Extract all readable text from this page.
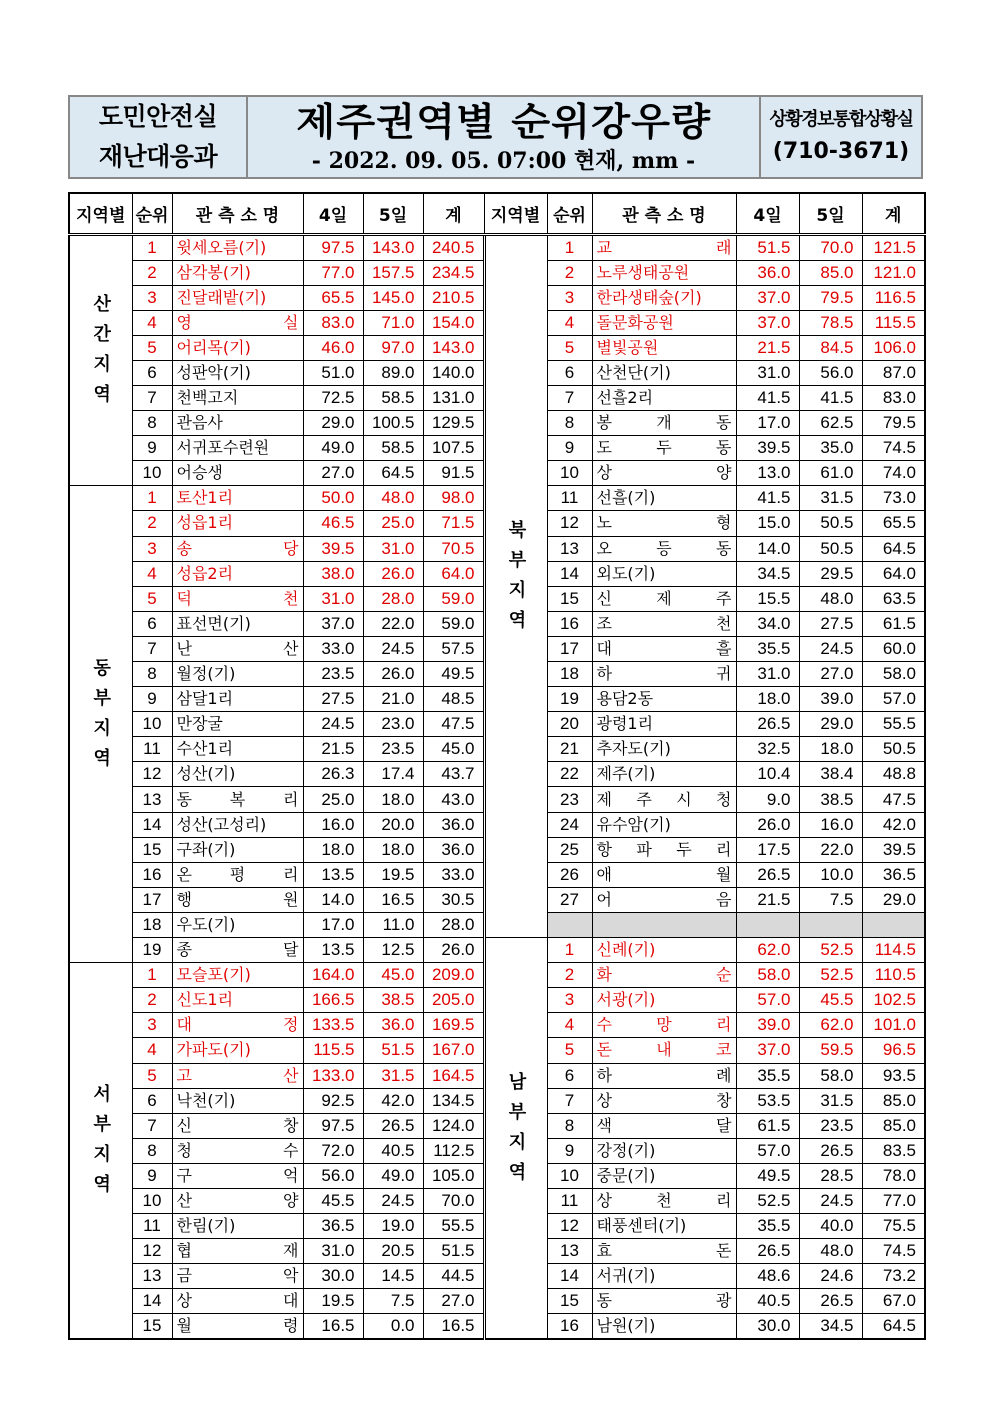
도민안전실
재난대응과
제주권역별 순위강우량
- 2022. 09. 05. 07:00 현재, mm -
상황경보통합상황실
(710-3671)
지역별	순위	관 측 소 명	4일	5일	계	지역별	순위	관 측 소 명	4일	5일	계
산간지역	1	윗세오름(기)	97.5	143.0	240.5	북부지역	1	교 래	51.5	70.0	121.5
	2	삼각봉(기)	77.0	157.5	234.5		2	노루생태공원	36.0	85.0	121.0
	3	진달래밭(기)	65.5	145.0	210.5		3	한라생태숲(기)	37.0	79.5	116.5
	4	영 실	83.0	71.0	154.0		4	돌문화공원	37.0	78.5	115.5
	5	어리목(기)	46.0	97.0	143.0		5	별빛공원	21.5	84.5	106.0
	6	성판악(기)	51.0	89.0	140.0		6	산천단(기)	31.0	56.0	87.0
	7	천백고지	72.5	58.5	131.0		7	선흘2리	41.5	41.5	83.0
	8	관음사	29.0	100.5	129.5		8	봉 개 동	17.0	62.5	79.5
	9	서귀포수련원	49.0	58.5	107.5		9	도 두 동	39.5	35.0	74.5
	10	어승생	27.0	64.5	91.5		10	상 양	13.0	61.0	74.0
동부지역	1	토산1리	50.0	48.0	98.0		11	선흘(기)	41.5	31.5	73.0
	2	성읍1리	46.5	25.0	71.5		12	노 형	15.0	50.5	65.5
	3	송 당	39.5	31.0	70.5		13	오 등 동	14.0	50.5	64.5
	4	성읍2리	38.0	26.0	64.0		14	외도(기)	34.5	29.5	64.0
	5	덕 천	31.0	28.0	59.0		15	신 제 주	15.5	48.0	63.5
	6	표선면(기)	37.0	22.0	59.0		16	조 천	34.0	27.5	61.5
	7	난 산	33.0	24.5	57.5		17	대 흘	35.5	24.5	60.0
	8	월정(기)	23.5	26.0	49.5		18	하 귀	31.0	27.0	58.0
	9	삼달1리	27.5	21.0	48.5		19	용담2동	18.0	39.0	57.0
	10	만장굴	24.5	23.0	47.5		20	광령1리	26.5	29.0	55.5
	11	수산1리	21.5	23.5	45.0		21	추자도(기)	32.5	18.0	50.5
	12	성산(기)	26.3	17.4	43.7		22	제주(기)	10.4	38.4	48.8
	13	동 복 리	25.0	18.0	43.0		23	제 주 시 청	9.0	38.5	47.5
	14	성산(고성리)	16.0	20.0	36.0		24	유수암(기)	26.0	16.0	42.0
	15	구좌(기)	18.0	18.0	36.0		25	항 파 두 리	17.5	22.0	39.5
	16	온 평 리	13.5	19.5	33.0		26	애 월	26.5	10.0	36.5
	17	행 원	14.0	16.5	30.5		27	어 음	21.5	7.5	29.0
	18	우도(기)	17.0	11.0	28.0						
	19	종 달	13.5	12.5	26.0	남부지역	1	신례(기)	62.0	52.5	114.5
서부지역	1	모슬포(기)	164.0	45.0	209.0		2	화 순	58.0	52.5	110.5
	2	신도1리	166.5	38.5	205.0		3	서광(기)	57.0	45.5	102.5
	3	대 정	133.5	36.0	169.5		4	수 망 리	39.0	62.0	101.0
	4	가파도(기)	115.5	51.5	167.0		5	돈 내 코	37.0	59.5	96.5
	5	고 산	133.0	31.5	164.5		6	하 례	35.5	58.0	93.5
	6	낙천(기)	92.5	42.0	134.5		7	상 창	53.5	31.5	85.0
	7	신 창	97.5	26.5	124.0		8	색 달	61.5	23.5	85.0
	8	청 수	72.0	40.5	112.5		9	강정(기)	57.0	26.5	83.5
	9	구 억	56.0	49.0	105.0		10	중문(기)	49.5	28.5	78.0
	10	산 양	45.5	24.5	70.0		11	상 천 리	52.5	24.5	77.0
	11	한림(기)	36.5	19.0	55.5		12	태풍센터(기)	35.5	40.0	75.5
	12	협 재	31.0	20.5	51.5		13	효 돈	26.5	48.0	74.5
	13	금 악	30.0	14.5	44.5		14	서귀(기)	48.6	24.6	73.2
	14	상 대	19.5	7.5	27.0		15	동 광	40.5	26.5	67.0
	15	월 령	16.5	0.0	16.5		16	남원(기)	30.0	34.5	64.5
